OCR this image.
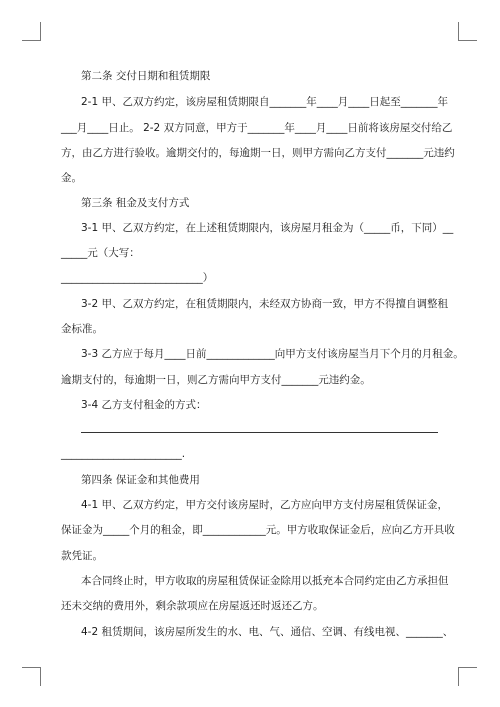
第二条 交付日期和租赁期限
2-1 甲、乙双方约定，该房屋租赁期限自_______年____月____日起至_______年
___月____日止。 2-2 双方同意，甲方于_______年____月____日前将该房屋交付给乙
方，由乙方进行验收。逾期交付的，每逾期一日，则甲方需向乙方支付_______元违约
金。
第三条 租金及支付方式
3-1 甲、乙双方约定，在上述租赁期限内，该房屋月租金为（_____币，下同）__
_____元（大写：
___________________________）
3-2 甲、乙双方约定，在租赁期限内，未经双方协商一致，甲方不得擅自调整租
金标准。
3-3 乙方应于每月____日前_____________向甲方支付该房屋当月下个月的月租金。
逾期支付的，每逾期一日，则乙方需向甲方支付_______元违约金。
3-4 乙方支付租金的方式：
_______________________.
第四条 保证金和其他费用
4-1 甲、乙双方约定，甲方交付该房屋时，乙方应向甲方支付房屋租赁保证金，
保证金为_____个月的租金，即____________元。甲方收取保证金后，应向乙方开具收
款凭证。
本合同终止时，甲方收取的房屋租赁保证金除用以抵充本合同约定由乙方承担但
还未交纳的费用外，剩余款项应在房屋返还时返还乙方。
4-2 租赁期间，该房屋所发生的水、电、气、通信、空调、有线电视、_______、
